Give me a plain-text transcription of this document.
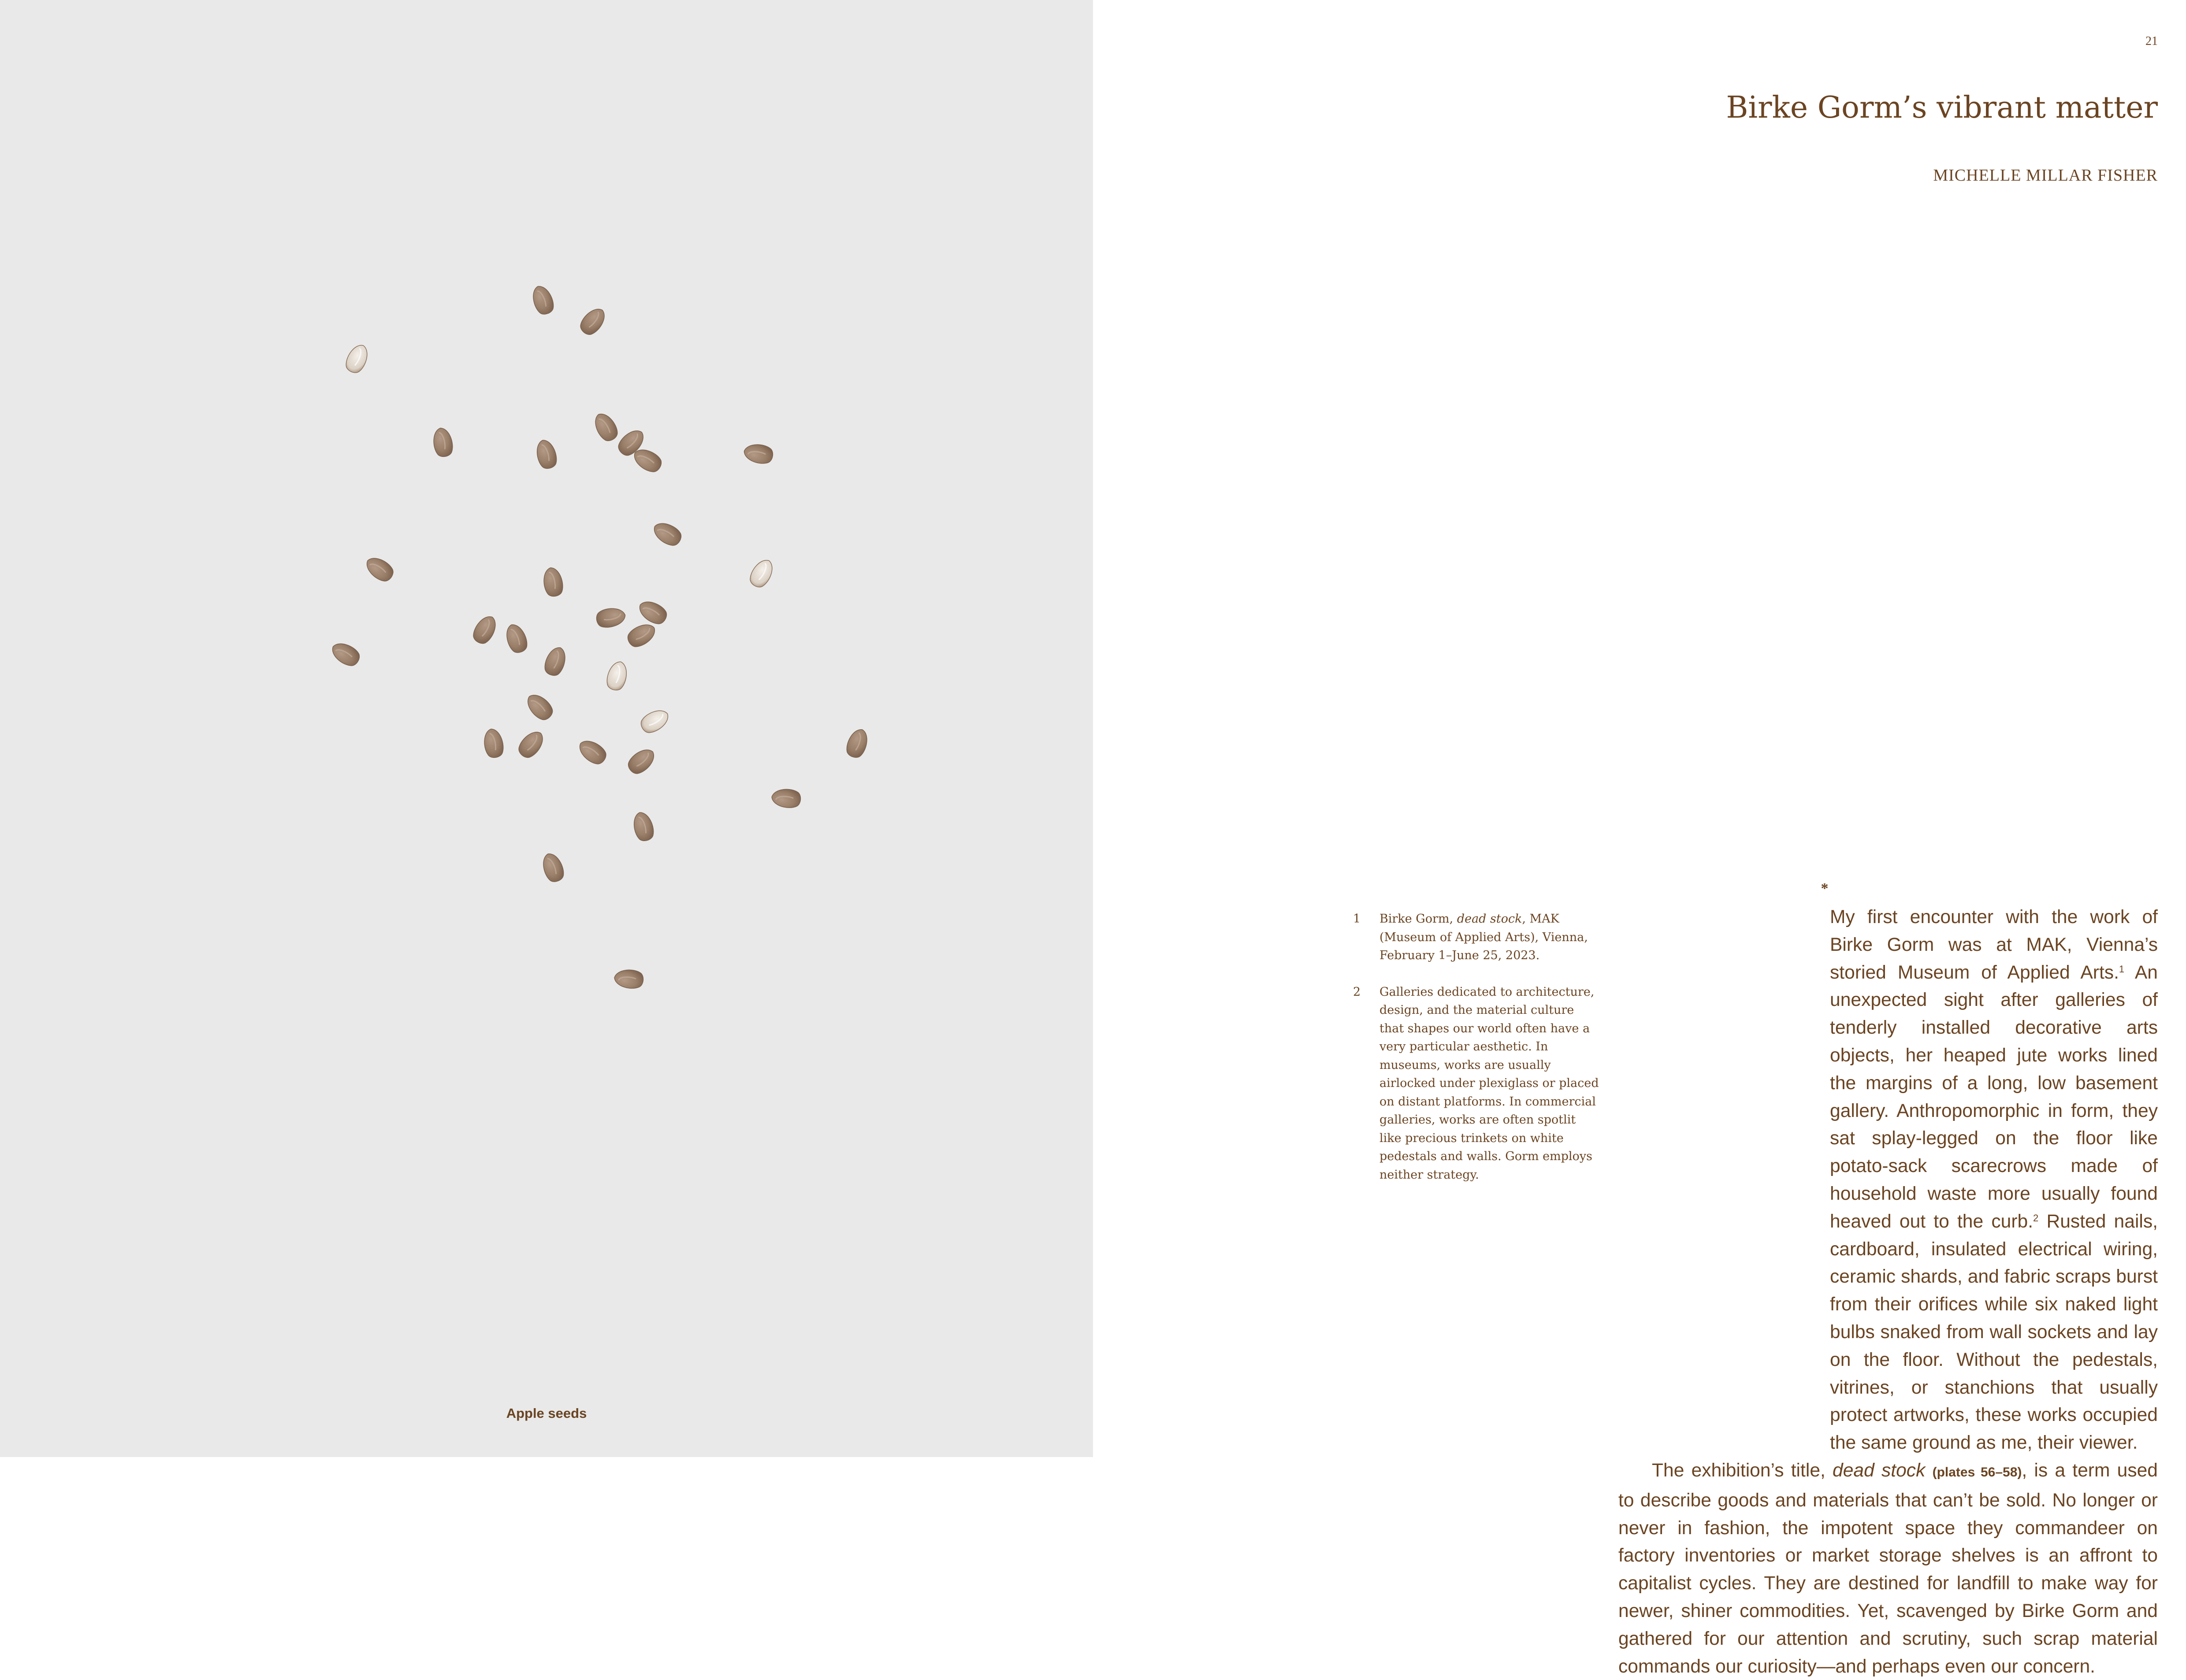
Apple seeds
21
Birke Gorm’s vibrant matter
MICHELLE MILLAR FISHER
*
1	Birke Gorm, dead stock, MAK (Museum of Applied Arts), Vienna, February 1–June 25, 2023.
2	Galleries dedicated to architecture, design, and the material culture that shapes our world often have a very particular aesthetic. In museums, works are usually airlocked under plexiglass or placed on distant platforms. In commercial galleries, works are often spotlit like precious trinkets on white pedestals and walls. Gorm employs neither strategy.

My first encounter with the work of Birke Gorm was at MAK, Vienna’s storied Museum of Applied Arts.$^1$ An unexpected sight after galleries of tenderly installed decorative arts objects, her heaped jute works lined the margins of a long, low basement gallery. Anthropomorphic in form, they sat splay-legged on the floor like potato-sack scarecrows made of household waste more usually found heaved out to the curb.$^2$ Rusted nails, cardboard, insulated electrical wiring, ceramic shards, and fabric scraps burst from their orifices while six naked light bulbs snaked from wall sockets and lay on the floor. Without the pedestals, vitrines, or stanchions that usually protect artworks, these works occupied the same ground as me, their viewer.

The exhibition’s title, dead stock (plates 56–58), is a term used to describe goods and materials that can’t be sold. No longer or never in fashion, the impotent space they commandeer on factory inventories or market storage shelves is an affront to capitalist cycles. They are destined for landfill to make way for newer, shiner commodities. Yet, scavenged by Birke Gorm and gathered for our attention and scrutiny, such scrap material commands our curiosity—and perhaps even our concern.
